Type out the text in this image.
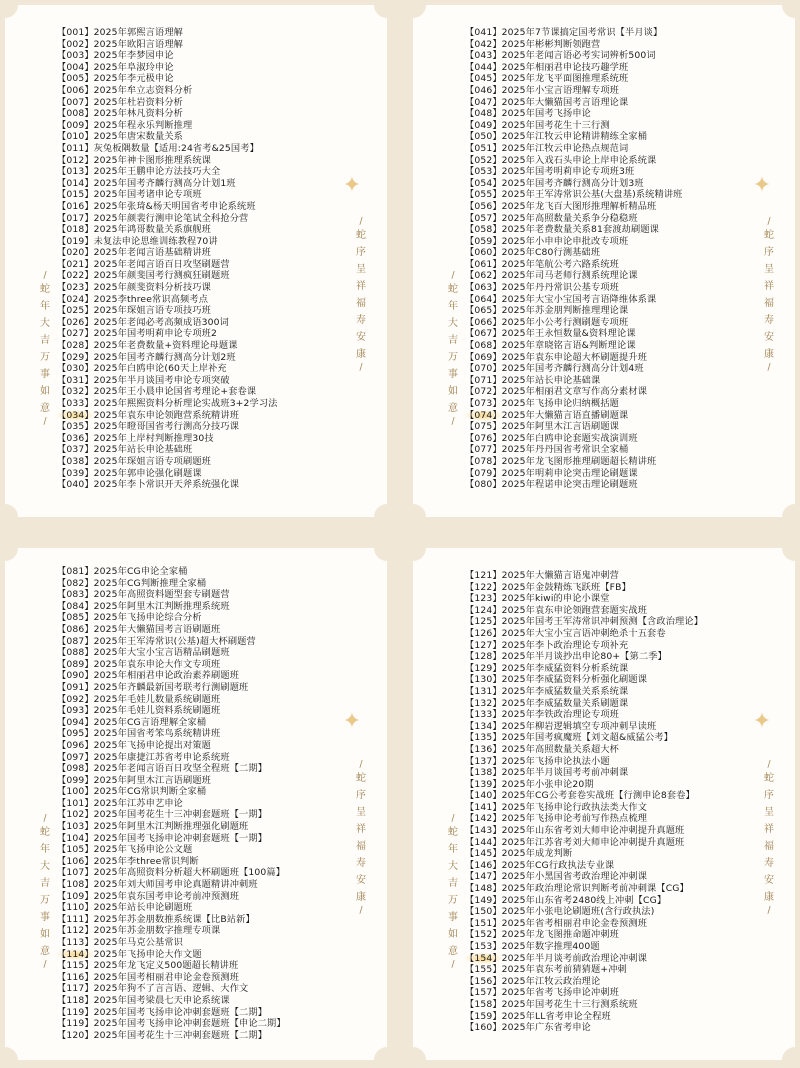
/
蛇
年
大
吉
万
事
如
意
/
【001】2025年郭熙言语理解
【002】2025年欧阳言语理解
【003】2025年李梦园申论
【004】2025年阜淑玲申论
【005】2025年李元极申论
【006】2025年牟立志资料分析
【007】2025年杜岩资料分析
【008】2025年林凡资料分析
【009】2025年程永乐判断推理
【010】2025年唐宋数量关系
【011】灰兔板隅数量【适用:24省考&25国考】
【012】2025年神卡图形推理系统课
【013】2025年王鹏申论方法技巧大全
【014】2025年国考齐麟行测高分计划1班
【015】2025年国考诸申论专项班
【016】2025年张琦&杨天明国省考申论系统班
【017】2025年颜裴行测申论笔试全科抢分营
【018】2025年鸿哥数量关系旗舰班
【019】未复法申论思维训练教程70讲
【020】2025年老闻言语基础精讲班
【021】2025年老闻言语百日攻坚刷题营
【022】2025年颜斐国考行测疯狂刷题班
【023】2025年颜斐资料分析技巧课
【024】2025李three常识高频考点
【025】2025年琛姐言语专项技巧班
【026】2025年老闻必考高频成语300词
【027】2025年国考明莉申论专项班2
【028】2025年老费数量+资料理论母题课
【029】2025年国考齐麟行测高分计划2班
【030】2025年白鸥申论(60天上岸补充
【031】2025年半月谈国考申论专项突破
【032】2025年王小晨申论国省考理论+套卷课
【033】2025年熙熙资料分析理论实战班3+2学习法
【034】2025年袁东申论领跑营系统精讲班
【035】2025年瞪哥国省考行测高分技巧课
【036】2025年上岸村判断推理30技
【037】2025年站长申论基础班
【038】2025年琛姐言语专项刷题班
【039】2025年郭申论强化刷题课
【040】2025年李卜常识开天斧系统强化课
/
蛇
序
呈
祥
福
寿
安
康
/
/
蛇
年
大
吉
万
事
如
意
/
【041】2025年7节课搞定国考常识【半月谈】
【042】2025年彬彬判断领跑营
【043】2025年老闻言语必考实词辨析500词
【044】2025年相丽君申论技巧趣学班
【045】2025年龙飞平面图推理系统班
【046】2025年小宝言语理解专项班
【047】2025年大懒猫国考言语理论课
【048】2025年国考飞扬申论
【049】2025年国考花生十三行测
【050】2025年江牧云申论精讲精练全家桶
【051】2025年江牧云申论热点规范词
【052】2025年入戏石头申论上岸申论系统课
【053】2025年国考明莉申论专项班3班
【054】2025年国考齐麟行测高分计划3班
【055】2025年王军涛常识公基(大盘基)系统精讲班
【056】2025年龙飞百大图形推理解析精品班
【057】2025年高照数量关系争分稳稳班
【058】2025年老费数量关系81套渡劫刷题课
【059】2025年小申申论申批改专项班
【060】2025年C80行测基础班
【061】2025年笔航公考六路系统班
【062】2025年司马老师行测系统理论课
【063】2025年丹丹常识公基专项班
【064】2025年大宝小宝国考言语降维体系课
【065】2025年苏金朋判断推理理论课
【066】2025年小公考行测刷题专项班
【067】2025年王永恒数量&资料理论课
【068】2025年章晓铭言语&判断理论课
【069】2025年袁东申论超大杯刷题提升班
【070】2025年国考齐麟行测高分计划4班
【071】2025年站长申论基础课
【072】2025年相丽君文章写作高分素材课
【073】2025年飞扬申论归纳概括题
【074】2025年大懒猫言语直播刷题课
【075】2025年阿里木江言语刷题课
【076】2025年白鸥申论套题实战演训班
【077】2025年丹丹国省考常识全家桶
【078】2025年龙飞图形推理刷题超长精讲班
【079】2025年明莉申论突击理论刷题课
【080】2025年程诺申论突击理论刷题班
/
蛇
序
呈
祥
福
寿
安
康
/
/
蛇
年
大
吉
万
事
如
意
/
【081】2025年CG申论全家桶
【082】2025年CG判断推理全家桶
【083】2025年高照资料题型套专刷题营
【084】2025年阿里木江判断推理系统班
【085】2025年飞扬申论综合分析
【086】2025年大懒猫国考言语刷题班
【087】2025年王军涛常识(公基)超大杯刷题营
【088】2025年大宝小宝言语精品刷题班
【089】2025年袁东申论大作文专项班
【090】2025年相丽君申论政治素养刷题班
【091】2025年齐麟最新国考联考行测刷题班
【092】2025年毛娃儿数量系统刷题班
【093】2025年毛娃儿资料系统刷题班
【094】2025年CG言语理解全家桶
【095】2025年国省考笨鸟系统精讲班
【096】2025年飞扬申论提出对策题
【097】2025年康捷江苏省考申论系统班
【098】2025年老闻言语百日攻坚全程班【二期】
【099】2025年阿里木江言语刷题班
【100】2025年CG常识判断全家桶
【101】2025年江苏申艺申论
【102】2025年国考花生十三冲刺套题班【一期】
【103】2025年阿里木江判断推理强化刷题班
【104】2025年国考飞扬申论冲刺套题班【一期】
【105】2025年飞扬申论公文题
【106】2025年李three常识判断
【107】2025年高照资料分析超大杯刷题班【100篇】
【108】2025年刘大师国考申论真题精讲冲刺班
【109】2025年袁东国考申论考前冲预测班
【110】2025年站长申论刷题班
【111】2025年苏金朋数推系统课【比B站新】
【112】2025年苏金朋数字推理专项课
【113】2025年马克公基常识
【114】2025年飞扬申论大作文题
【115】2025年龙飞定义500题超长精讲班
【116】2025年国考相丽君申论金卷预测班
【117】2025年狗不了言言语、逻辑、大作文
【118】2025年国考梁晨七天申论系统课
【119】2025年国考飞扬申论冲刺套题班【二期】
【119】2025年国考飞扬申论冲刺套题班【申论二期】
【120】2025年国考花生十三冲刺套题班【二期】
/
蛇
序
呈
祥
福
寿
安
康
/
/
蛇
年
大
吉
万
事
如
意
/
【121】2025年大懒猫言语鬼冲刺营
【122】2025年金鼓精炼飞跃班【FB】
【123】2025年kiwi的申论小课堂
【124】2025年袁东申论领跑营套题实战班
【125】2025年国考王军涛常识冲刺预测【含政治理论】
【126】2025年大宝小宝言语冲刺绝杀十五套卷
【127】2025年李卜政治理论专项补充
【128】2025年半月谈抄出申论80+【第二季】
【129】2025年李威猛资料分析系统课
【130】2025年李威猛资料分析强化刷题课
【131】2025年李威猛数量关系系统课
【132】2025年李威猛数量关系刷题课
【133】2025年李铁政治理论专项班
【134】2025年柳岩逻辑填空专项冲刺早读班
【135】2025年国考疯魔班【刘文超&威猛公考】
【136】2025年高照数量关系超大杯
【137】2025年飞扬申论执法小题
【138】2025年半月谈国考考前冲刺课
【139】2025年小张申论20期
【140】2025年CG公考套卷实战班【行测申论8套卷】
【141】2025年飞扬申论行政执法类大作文
【142】2025年飞扬申论考前写作热点梳理
【143】2025年山东省考刘大师申论冲刺提升真题班
【144】2025年江苏省考刘大师申论冲刺提升真题班
【145】2025年成龙判断
【146】2025年CG行政执法专业课
【147】2025年小黑国省考政治理论冲刺课
【148】2025年政治理论常识判断考前冲刺课【CG】
【149】2025年山东省考2480线上冲刺【CG】
【150】2025年小张电论刷题班(含行政执法)
【151】2025年省考相丽君申论金卷预测班
【152】2025年龙飞图推命题冲刺班
【153】2025年数字推理400题
【154】2025年半月谈考前政治理论冲刺课
【155】2025年袁东考前猜猜题+冲刺
【156】2025年江牧云政治理论
【157】2025年省考飞扬申论冲刺班
【158】2025年国考花生十三行测系统班
【159】2025年LL省考申论全程班
【160】2025年广东省考申论
/
蛇
序
呈
祥
福
寿
安
康
/
✦	✦
✦	✦
